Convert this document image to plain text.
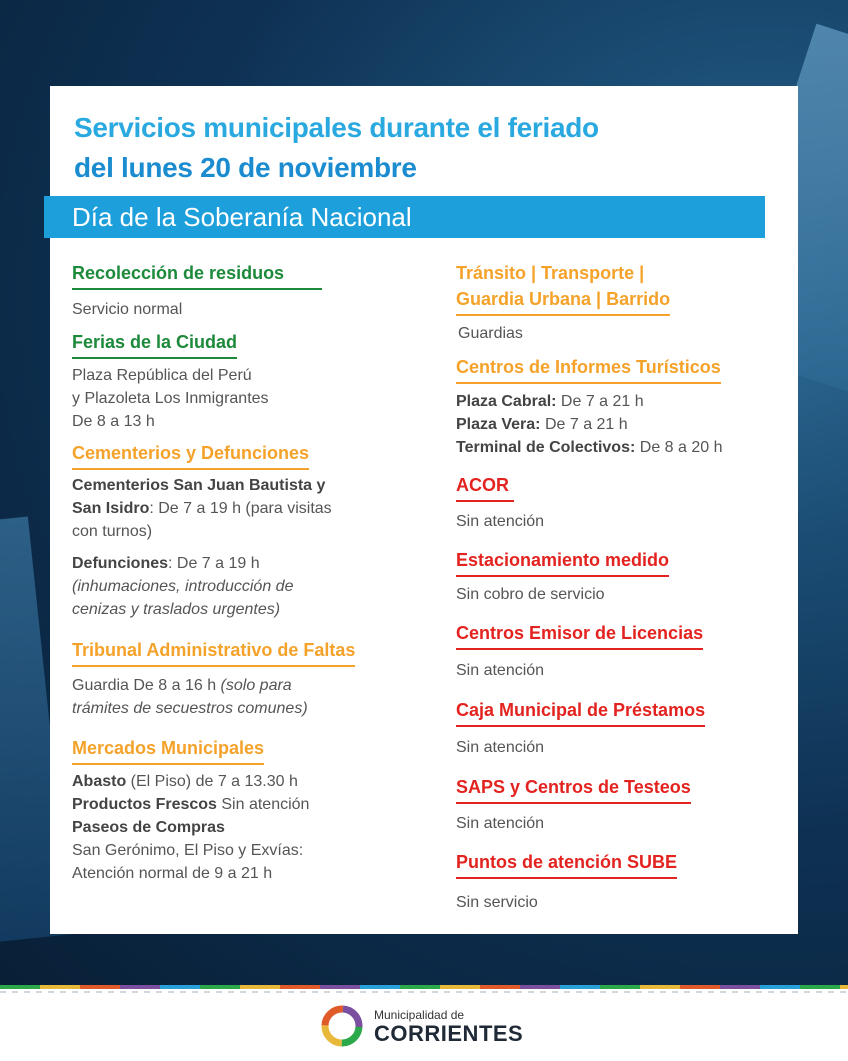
Servicios municipales durante el feriado
del lunes 20 de noviembre
Día de la Soberanía Nacional
Recolección de residuos
Servicio normal
Ferias de la Ciudad
Plaza República del Perú
y Plazoleta Los Inmigrantes
De 8 a 13 h
Cementerios y Defunciones
Cementerios San Juan Bautista y
San Isidro: De 7 a 19 h (para visitas
con turnos)
Defunciones: De 7 a 19 h
(inhumaciones, introducción de
cenizas y traslados urgentes)
Tribunal Administrativo de Faltas
Guardia De 8 a 16 h (solo para
trámites de secuestros comunes)
Mercados Municipales
Abasto (El Piso) de 7 a 13.30 h
Productos Frescos Sin atención
Paseos de Compras
San Gerónimo, El Piso y Exvías:
Atención normal de 9 a 21 h
Tránsito | Transporte |
Guardia Urbana | Barrido
Guardias
Centros de Informes Turísticos
Plaza Cabral: De 7 a 21 h
Plaza Vera: De 7 a 21 h
Terminal de Colectivos: De 8 a 20 h
ACOR
Sin atención
Estacionamiento medido
Sin cobro de servicio
Centros Emisor de Licencias
Sin atención
Caja Municipal de Préstamos
Sin atención
SAPS y Centros de Testeos
Sin atención
Puntos de atención SUBE
Sin servicio
Municipalidad de
CORRIENTES
